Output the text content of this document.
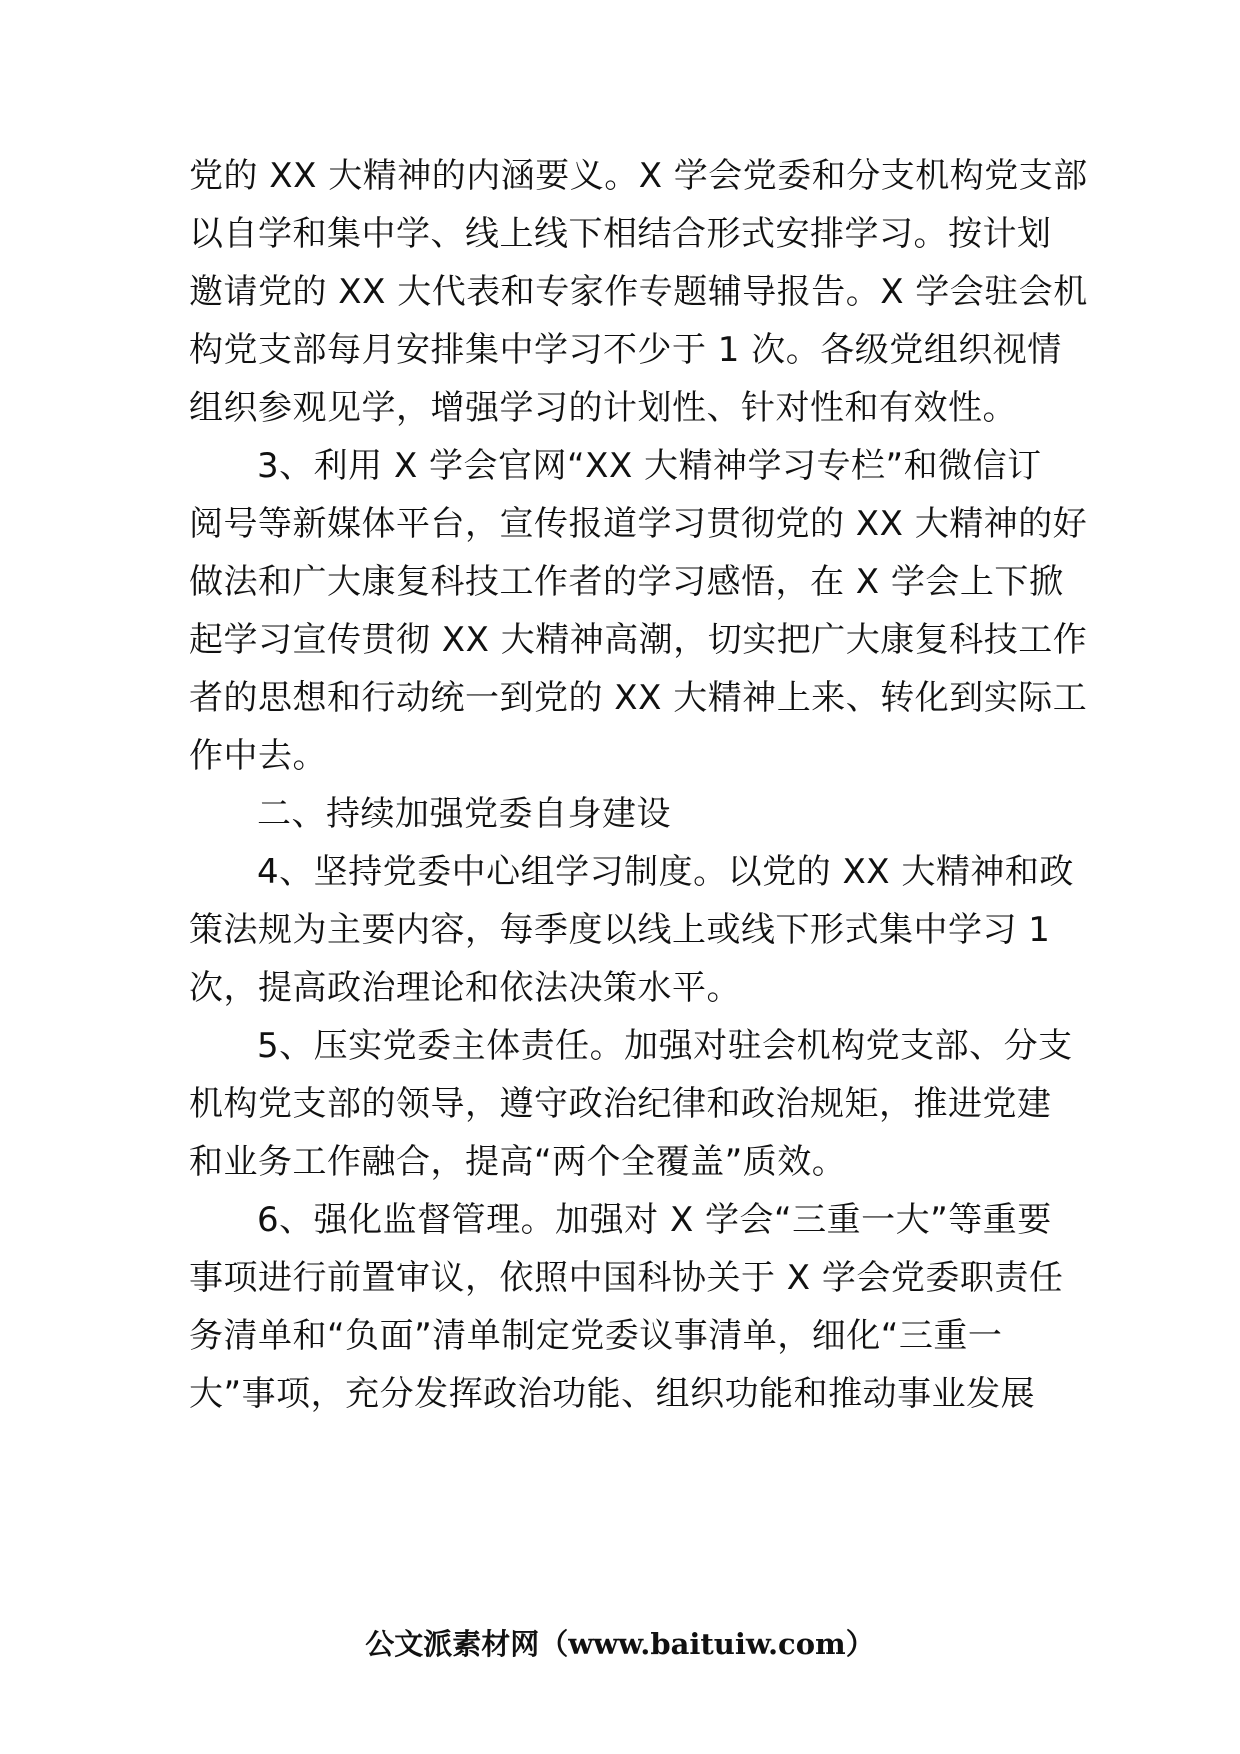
党的 XX 大精神的内涵要义。X 学会党委和分支机构党支部
以自学和集中学、线上线下相结合形式安排学习。按计划
邀请党的 XX 大代表和专家作专题辅导报告。X 学会驻会机
构党支部每月安排集中学习不少于 1 次。各级党组织视情
组织参观见学，增强学习的计划性、针对性和有效性。
3、利用 X 学会官网“XX 大精神学习专栏”和微信订
阅号等新媒体平台，宣传报道学习贯彻党的 XX 大精神的好
做法和广大康复科技工作者的学习感悟，在 X 学会上下掀
起学习宣传贯彻 XX 大精神高潮，切实把广大康复科技工作
者的思想和行动统一到党的 XX 大精神上来、转化到实际工
作中去。
二、持续加强党委自身建设
4、坚持党委中心组学习制度。以党的 XX 大精神和政
策法规为主要内容，每季度以线上或线下形式集中学习 1
次，提高政治理论和依法决策水平。
5、压实党委主体责任。加强对驻会机构党支部、分支
机构党支部的领导，遵守政治纪律和政治规矩，推进党建
和业务工作融合，提高“两个全覆盖”质效。
6、强化监督管理。加强对 X 学会“三重一大”等重要
事项进行前置审议，依照中国科协关于 X 学会党委职责任
务清单和“负面”清单制定党委议事清单，细化“三重一
大”事项，充分发挥政治功能、组织功能和推动事业发展
公文派素材网（www.baituiw.com）
